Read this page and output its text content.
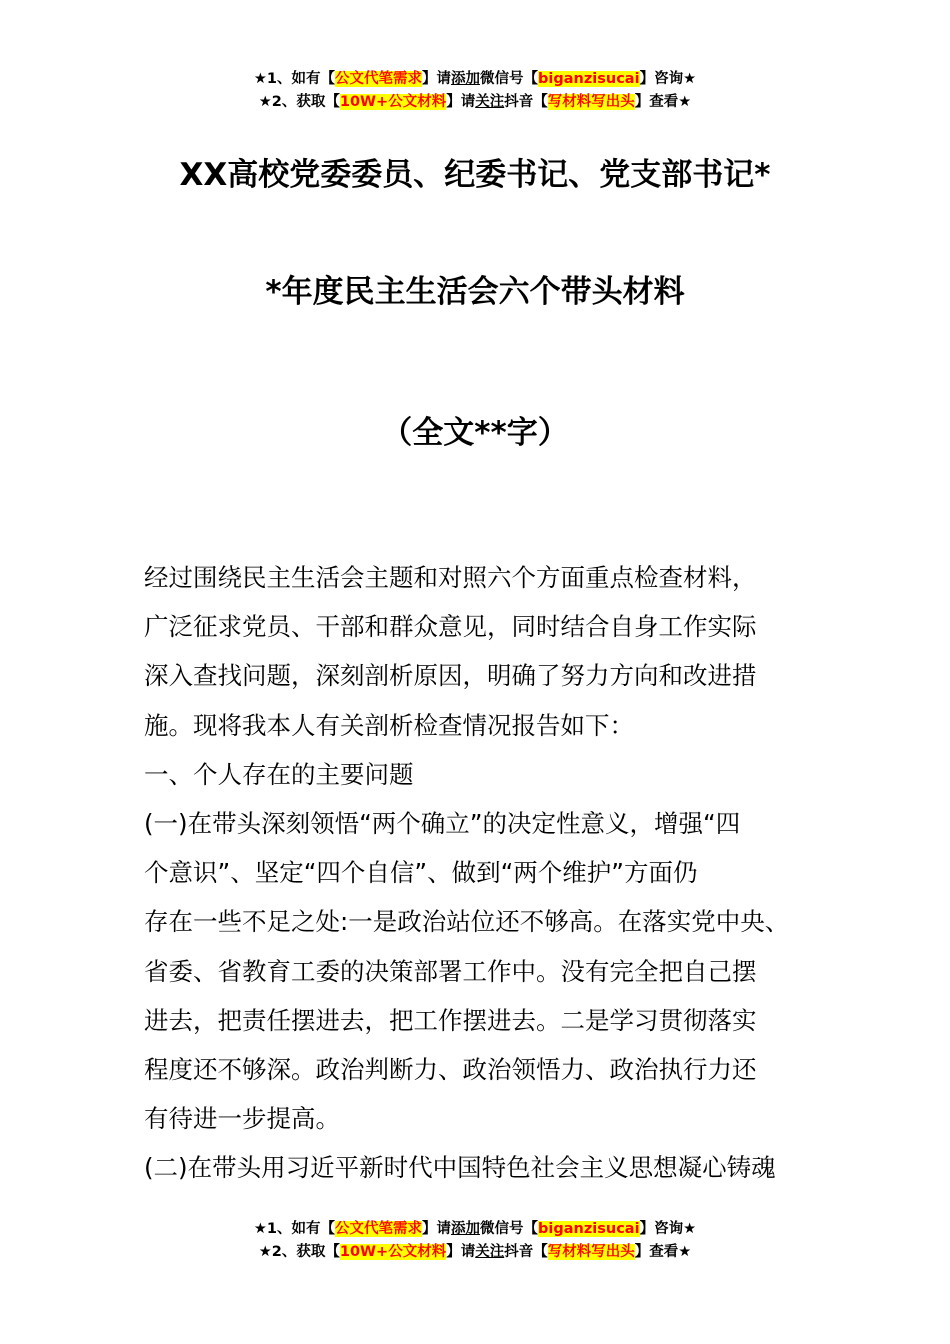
★1、如有【公文代笔需求】请添加微信号【biganzisucai】咨询★
★2、获取【10W+公文材料】请关注抖音【写材料写出头】查看★
XX高校党委委员、纪委书记、党支部书记*
*年度民主生活会六个带头材料
（全文**字）

经过围绕民主生活会主题和对照六个方面重点检查材料，

广泛征求党员、干部和群众意见，同时结合自身工作实际

深入查找问题，深刻剖析原因，明确了努力方向和改进措

施。现将我本人有关剖析检查情况报告如下：

一、个人存在的主要问题

(一)在带头深刻领悟“两个确立”的决定性意义，增强“四

个意识”、坚定“四个自信”、做到“两个维护”方面仍

存在一些不足之处:一是政治站位还不够高。在落实党中央、

省委、省教育工委的决策部署工作中。没有完全把自己摆

进去，把责任摆进去，把工作摆进去。二是学习贯彻落实

程度还不够深。政治判断力、政治领悟力、政治执行力还

有待进一步提高。

(二)在带头用习近平新时代中国特色社会主义思想凝心铸魂

★1、如有【公文代笔需求】请添加微信号【biganzisucai】咨询★
★2、获取【10W+公文材料】请关注抖音【写材料写出头】查看★
